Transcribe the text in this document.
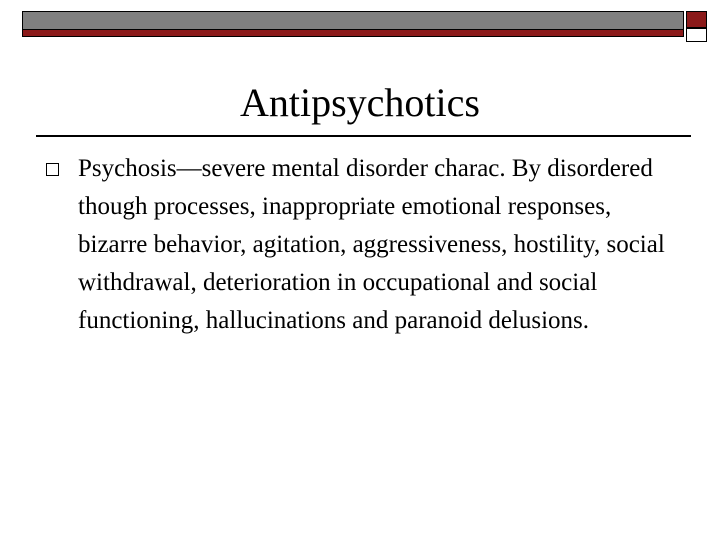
Antipsychotics
Psychosis—severe mental disorder charac. By disordered though processes, inappropriate emotional responses, bizarre behavior, agitation, aggressiveness, hostility, social withdrawal, deterioration in occupational and social functioning, hallucinations and paranoid delusions.
